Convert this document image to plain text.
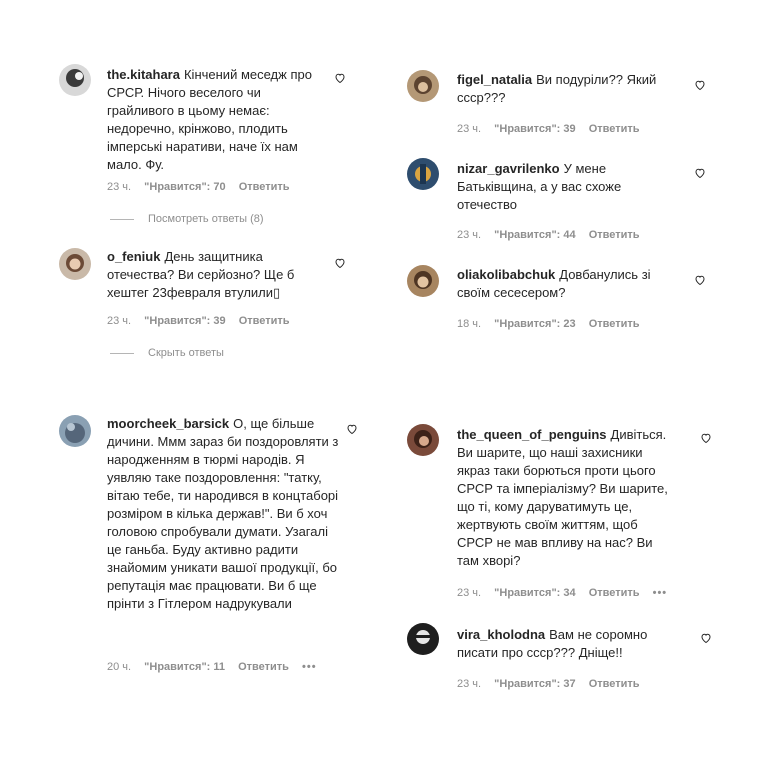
the.kitahara Кінчений меседж про СРСР. Нічого веселого чи грайливого в цьому немає: недоречно, крінжово, плодить імперські наративи, наче їх нам мало. Фу.
23 ч. "Нравится": 70 Ответить
Посмотреть ответы (8)
o_feniuk День защитника отечества? Ви серйозно? Ще б хештег 23февраля втулили▯
23 ч. "Нравится": 39 Ответить
Скрыть ответы
moorcheek_barsick О, ще більше дичини. Ммм зараз би поздоровляти з народженням в тюрмі народів. Я уявляю таке поздоровлення: "татку, вітаю тебе, ти народився в концтаборі розміром в кілька держав!". Ви б хоч головою спробували думати. Узагалі це ганьба. Буду активно радити знайомим уникати вашої продукції, бо репутація має працювати. Ви б ще прінти з Гітлером надрукували
20 ч. "Нравится": 11 Ответить •••
figel_natalia Ви подуріли?? Який ссср???
23 ч. "Нравится": 39 Ответить
nizar_gavrilenko У мене Батьківщина, а у вас схоже отечество
23 ч. "Нравится": 44 Ответить
oliakolibabchuk Довбанулись зі своїм сесесером?
18 ч. "Нравится": 23 Ответить
the_queen_of_penguins Дивіться. Ви шарите, що наші захисники якраз таки борються проти цього СРСР та імперіалізму? Ви шарите, що ті, кому даруватимуть це, жертвують своїм життям, щоб СРСР не мав впливу на нас? Ви там хворі?
23 ч. "Нравится": 34 Ответить •••
vira_kholodna Вам не соромно писати про ссср??? Дніще!!
23 ч. "Нравится": 37 Ответить
